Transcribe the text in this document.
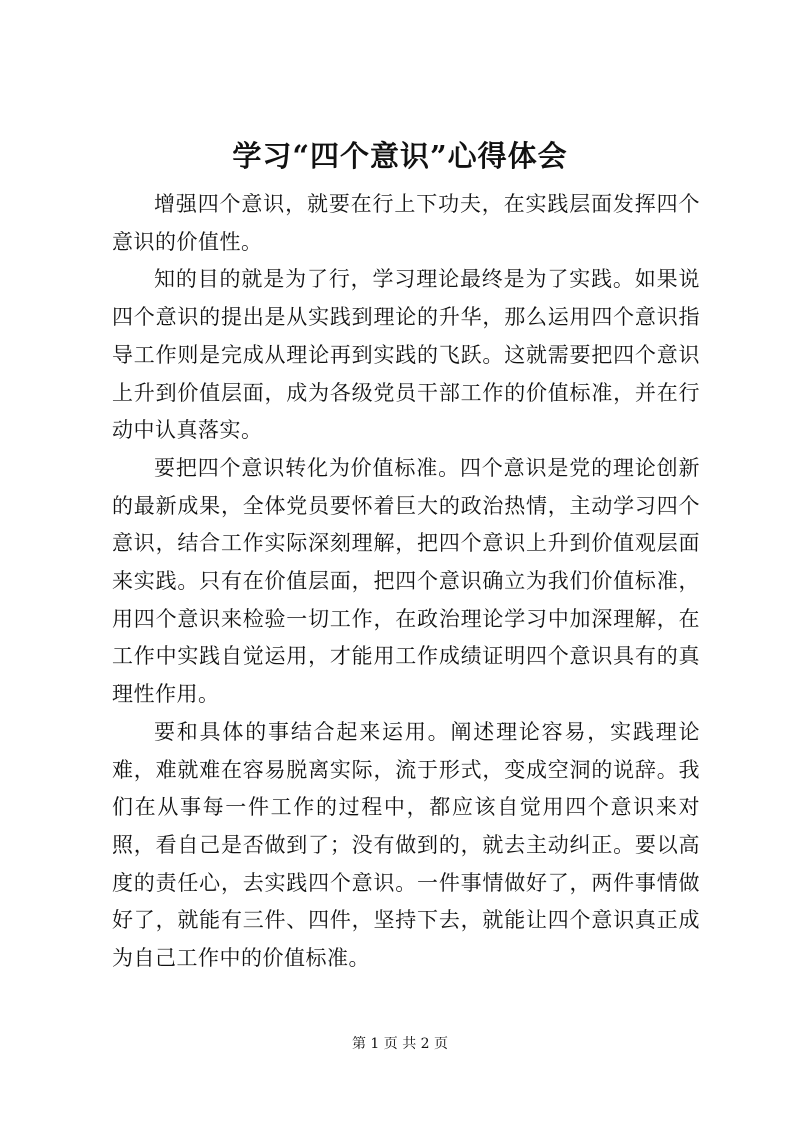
学习“四个意识”心得体会

增强四个意识，就要在行上下功夫，在实践层面发挥四个意识的价值性。

知的目的就是为了行，学习理论最终是为了实践。如果说四个意识的提出是从实践到理论的升华，那么运用四个意识指导工作则是完成从理论再到实践的飞跃。这就需要把四个意识上升到价值层面，成为各级党员干部工作的价值标准，并在行动中认真落实。

要把四个意识转化为价值标准。四个意识是党的理论创新的最新成果，全体党员要怀着巨大的政治热情，主动学习四个意识，结合工作实际深刻理解，把四个意识上升到价值观层面来实践。只有在价值层面，把四个意识确立为我们价值标准，用四个意识来检验一切工作，在政治理论学习中加深理解，在工作中实践自觉运用，才能用工作成绩证明四个意识具有的真理性作用。

要和具体的事结合起来运用。阐述理论容易，实践理论难，难就难在容易脱离实际，流于形式，变成空洞的说辞。我们在从事每一件工作的过程中，都应该自觉用四个意识来对照，看自己是否做到了；没有做到的，就去主动纠正。要以高度的责任心，去实践四个意识。一件事情做好了，两件事情做好了，就能有三件、四件，坚持下去，就能让四个意识真正成为自己工作中的价值标准。

第 1 页 共 2 页
